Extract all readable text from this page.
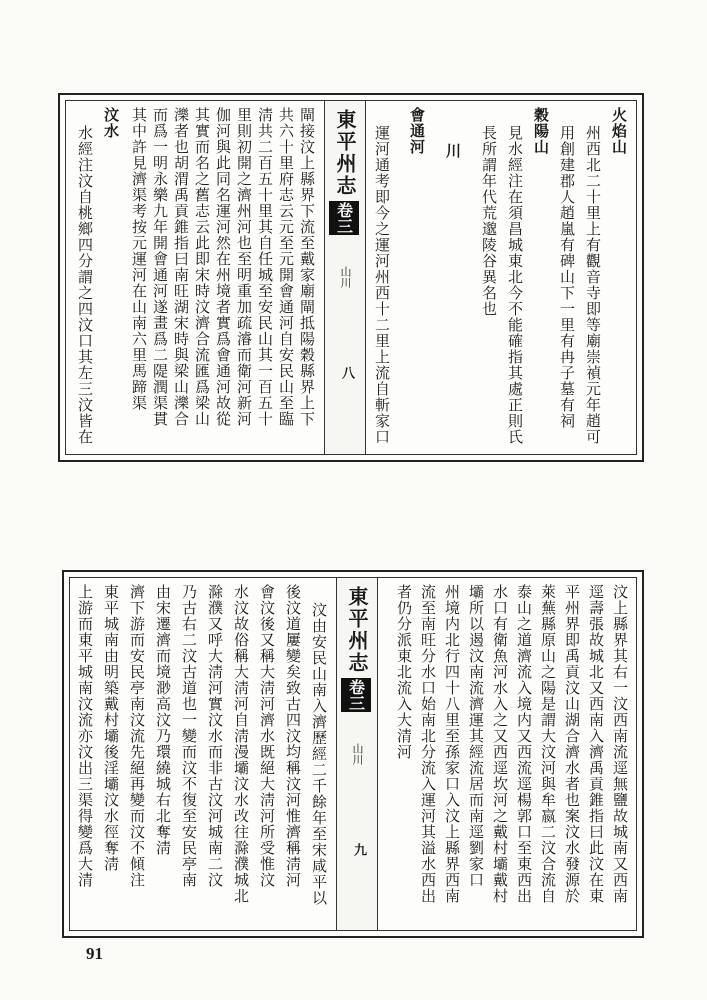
東平州志
卷三
山川
八
火焰山
州西北二十里上有觀音寺即等廟崇禎元年趙可
用創建郡人趙嵐有碑山下一里有冉子墓有祠
穀陽山
見水經注在須昌城東北今不能確指其處正則氏
長所謂年代荒邈陵谷異名也
川
會通河
運河通考即今之運河州西十二里上流自斬家口
閘接汶上縣界下流至戴家廟閘抵陽穀縣界上下
共六十里府志云元至元開會通河自安民山至臨
淸共二百五十里其自任城至安民山其一百五十
里則初開之濟州河也至明重加疏濬而衛河新河
伽河與此同名運河然在州境者實爲會通河故從
其實而名之舊志云此即宋時汶濟合流匯爲梁山
濼者也胡渭禹貢錐指曰南旺湖宋時與梁山濼合
而爲一明永樂九年開會通河遂畫爲二隄潤渠貫
其中許見濟渠考按元運河在山南六里馬蹄渠
汶水
水經注汶自桃鄉四分謂之四汶口其左三汶皆在
東平州志
卷三
山川
九	汶上縣界其右一汶西南流逕無鹽故城南又西南
逕壽張故城北又西南入濟禹貢錐指曰此汶在東
平州界即禹貢汶山湖合濟水者也案汶水發源於
萊蕪縣原山之陽是謂大汶河與牟嬴二汶合流自
泰山之道濟流入境内又西流逕楊郭口至東西出
水口有衛魚河水入之又西逕坎河之戴村壩戴村
壩所以遏汶南流濟運其經流居而南逕劉家口
州境内北行四十八里至孫家口入汶上縣界西南
流至南旺分水口始南北分流入運河其溢水西出
者仍分派東北流入大清河
汶由安民山南入濟歷經二千餘年至宋咸平以
後汶道屢變矣致古四汶均稱汶河惟濟稱淸河
會汶後又稱大淸河濟水既絕大淸河所受惟汶
水汶故俗稱大淸河自淸漫壩汶水改往滁濮城北
滁濮又呼大淸河實汶水而非古汶河城南二汶
乃古右二汶古道也一變而汶不復至安民亭南
由宋遷濟而境渺高汶乃環繞城右北奪淸
濟下游而安民亭南汶流先絕再變而汶不傾注
東平城南由明築戴村壩後淫壩汶水徑奪淸
上游而東平城南汶流亦汶出三渠得變爲大清
91
